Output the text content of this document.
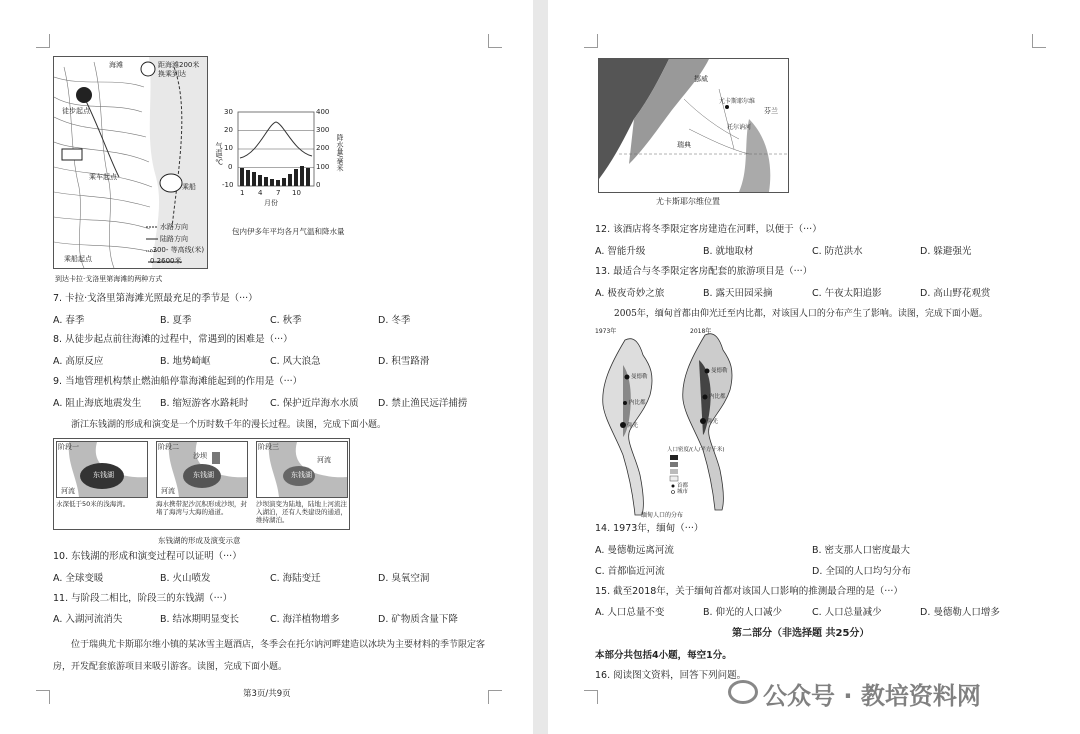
海滩	距海滩200米
换乘到达
徒步起点
乘车起点
乘船
乘船起点
水路方向
陆路方向
-300- 等高线(米)
0 2600米
到达卡拉·戈洛里第海滩的两种方式
30
20
10
0
-10
400
300
200
100
0
1 4 7 10
月份
气温/℃	降水量/毫米
包内伊多年平均各月气温和降水量
7. 卡拉·戈洛里第海滩光照最充足的季节是（···）
A. 春季	B. 夏季	C. 秋季	D. 冬季
8. 从徒步起点前往海滩的过程中，常遇到的困难是（···）
A. 高原反应	B. 地势崎岖	C. 风大浪急	D. 积雪路滑
9. 当地管理机构禁止燃油船停靠海滩能起到的作用是（···）
A. 阻止海底地震发生 B. 缩短游客水路耗时 C. 保护近岸海水水质 D. 禁止渔民远洋捕捞
浙江东钱湖的形成和演变是一个历时数千年的漫长过程。读图，完成下面小题。
阶段一
东钱湖
河流
阶段二
沙坝
东钱湖
河流
阶段三
东钱湖
河流
水深低于50米的浅海湾。	海水携带泥沙沉积形成沙坝，封堵了海湾与大海的通道。
沙坝演变为陆地，陆地上河流注入湖泊，还有人类建设的通道，维持湖泊。
东钱湖的形成及演变示意
10. 东钱湖的形成和演变过程可以证明（···）
A. 全球变暖	B. 火山喷发	C. 海陆变迁	D. 臭氧空洞
11. 与阶段二相比，阶段三的东钱湖（···）
A. 入湖河流消失	B. 结冰期明显变长	C. 海洋植物增多	D. 矿物质含量下降
位于瑞典尤卡斯耶尔维小镇的某冰雪主题酒店，冬季会在托尔讷河畔建造以冰块为主要材料的季节限定客房，开发配套旅游项目来吸引游客。读图，完成下面小题。
第3页/共9页
挪威
瑞典
芬兰
尤卡斯耶尔维
托尔讷河
尤卡斯耶尔维位置
12. 该酒店将冬季限定客房建造在河畔，以便于（···）
A. 智能升级	B. 就地取材	C. 防范洪水	D. 躲避强光
13. 最适合与冬季限定客房配套的旅游项目是（···）
A. 极夜奇妙之旅	B. 露天田园采摘	C. 午夜太阳追影	D. 高山野花观赏
2005年，缅甸首都由仰光迁至内比都，对该国人口的分布产生了影响。读图，完成下面小题。
1973年	2018年
曼德勒
内比都
仰光
曼德勒
内比都
仰光
人口密度/(人/平方千米)
首都
城市
缅甸人口的分布
14. 1973年，缅甸（···）
A. 曼德勒远离河流	B. 密支那人口密度最大
C. 首都临近河流	D. 全国的人口均匀分布
15. 截至2018年，关于缅甸首都对该国人口影响的推测最合理的是（···）
A. 人口总量不变	B. 仰光的人口减少	C. 人口总量减少	D. 曼德勒人口增多
第二部分（非选择题 共25分）
本部分共包括4小题，每空1分。
16. 阅读图文资料，回答下列问题。
公众号 · 教培资料网
